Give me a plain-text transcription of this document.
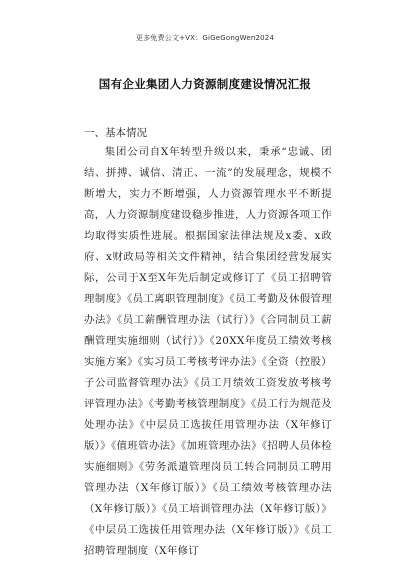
更多免费公文+VX：GiGeGongWen2024
国有企业集团人力资源制度建设情况汇报
一、基本情况

集团公司自X年转型升级以来，秉承“忠诚、团结、拼搏、诚信、清正、一流”的发展理念，规模不断增大，实力不断增强，人力资源管理水平不断提高，人力资源制度建设稳步推进，人力资源各项工作均取得实质性进展。根据国家法律法规及x委、x政府、x财政局等相关文件精神，结合集团经营发展实际，公司于X至X年先后制定或修订了《员工招聘管理制度》《员工离职管理制度》《员工考勤及休假管理办法》《员工薪酬管理办法（试行）》《合同制员工薪酬管理实施细则（试行）》《20XX年度员工绩效考核实施方案》《实习员工考核考评办法》《全资（控股）子公司监督管理办法》《员工月绩效工资发放考核考评管理办法》《考勤考核管理制度》《员工行为规范及处理办法》《中层员工选拔任用管理办法（X年修订版）》《值班管办法》《加班管理办法》《招聘人员体检实施细则》《劳务派遣管理岗员工转合同制员工聘用管理办法（X年修订版）》《员工绩效考核管理办法（X年修订版）》《员工培训管理办法（X年修订版）》《中层员工选拔任用管理办法（X年修订版）》《员工招聘管理制度（X年修订
